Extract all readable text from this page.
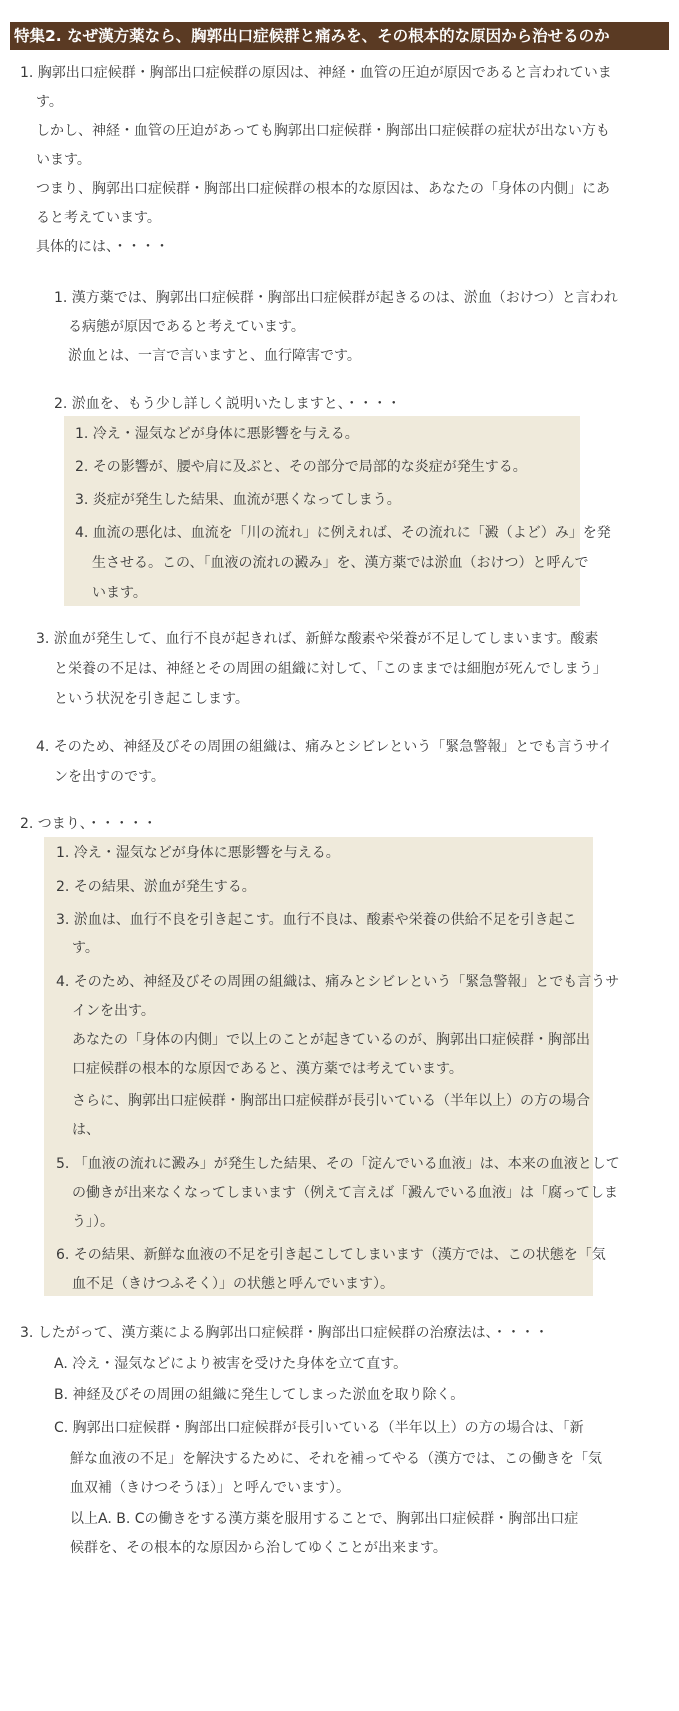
特集2. なぜ漢方薬なら、胸郭出口症候群と痛みを、その根本的な原因から治せるのか
1. 胸郭出口症候群・胸部出口症候群の原因は、神経・血管の圧迫が原因であると言われていま
す。
しかし、神経・血管の圧迫があっても胸郭出口症候群・胸部出口症候群の症状が出ない方も
います。
つまり、胸郭出口症候群・胸部出口症候群の根本的な原因は、あなたの「身体の内側」にあ
ると考えています。
具体的には、・・・・
1. 漢方薬では、胸郭出口症候群・胸部出口症候群が起きるのは、淤血（おけつ）と言われ
る病態が原因であると考えています。
淤血とは、一言で言いますと、血行障害です。
2. 淤血を、もう少し詳しく説明いたしますと、・・・・
1. 冷え・湿気などが身体に悪影響を与える。
2. その影響が、腰や肩に及ぶと、その部分で局部的な炎症が発生する。
3. 炎症が発生した結果、血流が悪くなってしまう。
4. 血流の悪化は、血流を「川の流れ」に例えれば、その流れに「澱（よど）み」を発
生させる。この、「血液の流れの澱み」を、漢方薬では淤血（おけつ）と呼んで
います。
3. 淤血が発生して、血行不良が起きれば、新鮮な酸素や栄養が不足してしまいます。酸素
と栄養の不足は、神経とその周囲の組織に対して、「このままでは細胞が死んでしまう」
という状況を引き起こします。
4. そのため、神経及びその周囲の組織は、痛みとシビレという「緊急警報」とでも言うサイ
ンを出すのです。
2. つまり、・・・・・
1. 冷え・湿気などが身体に悪影響を与える。
2. その結果、淤血が発生する。
3. 淤血は、血行不良を引き起こす。血行不良は、酸素や栄養の供給不足を引き起こ
す。
4. そのため、神経及びその周囲の組織は、痛みとシビレという「緊急警報」とでも言うサ
インを出す。
あなたの「身体の内側」で以上のことが起きているのが、胸郭出口症候群・胸部出
口症候群の根本的な原因であると、漢方薬では考えています。
さらに、胸郭出口症候群・胸部出口症候群が長引いている（半年以上）の方の場合
は、
5. 「血液の流れに澱み」が発生した結果、その「淀んでいる血液」は、本来の血液として
の働きが出来なくなってしまいます（例えて言えば「澱んでいる血液」は「腐ってしま
う」）。
6. その結果、新鮮な血液の不足を引き起こしてしまいます（漢方では、この状態を「気
血不足（きけつふそく）」の状態と呼んでいます）。
3. したがって、漢方薬による胸郭出口症候群・胸部出口症候群の治療法は、・・・・
A. 冷え・湿気などにより被害を受けた身体を立て直す。
B. 神経及びその周囲の組織に発生してしまった淤血を取り除く。
C. 胸郭出口症候群・胸部出口症候群が長引いている（半年以上）の方の場合は、「新
鮮な血液の不足」を解決するために、それを補ってやる（漢方では、この働きを「気
血双補（きけつそうほ）」と呼んでいます）。
以上A. B. Cの働きをする漢方薬を服用することで、胸郭出口症候群・胸部出口症
候群を、その根本的な原因から治してゆくことが出来ます。
